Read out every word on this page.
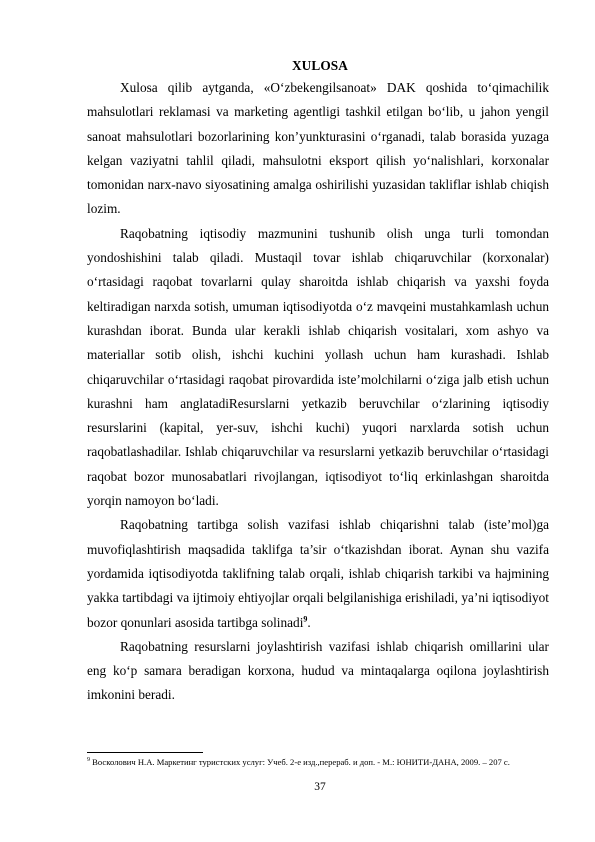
XULOSA

Xulosa qilib aytganda, «O‘zbekengilsanoat» DAK qoshida to‘qimachilik mahsulotlari reklamasi va marketing agentligi tashkil etilgan bo‘lib, u jahon yengil sanoat mahsulotlari bozorlarining kon’yunkturasini o‘rganadi, talab borasida yuzaga kelgan vaziyatni tahlil qiladi, mahsulotni eksport qilish yo‘nalishlari, korxonalar tomonidan narx-navo siyosatining amalga oshirilishi yuzasidan takliflar ishlab chiqish lozim.

Raqobatning iqtisodiy mazmunini tushunib olish unga turli tomondan yondoshishini talab qiladi. Mustaqil tovar ishlab chiqaruvchilar (korxonalar) o‘rtasidagi raqobat tovarlarni qulay sharoitda ishlab chiqarish va yaxshi foyda keltiradigan narxda sotish, umuman iqtisodiyotda o‘z mavqeini mustahkamlash uchun kurashdan iborat. Bunda ular kerakli ishlab chiqarish vositalari, xom ashyo va materiallar sotib olish, ishchi kuchini yollash uchun ham kurashadi. Ishlab chiqaruvchilar o‘rtasidagi raqobat pirovardida iste’molchilarni o‘ziga jalb etish uchun kurashni ham anglatadiResurslarni yetkazib beruvchilar o‘zlarining iqtisodiy resurslarini (kapital, yer-suv, ishchi kuchi) yuqori narxlarda sotish uchun raqobatlashadilar. Ishlab chiqaruvchilar va resurslarni yetkazib beruvchilar o‘rtasidagi raqobat bozor munosabatlari rivojlangan, iqtisodiyot to‘liq erkinlashgan sharoitda yorqin namoyon bo‘ladi.

Raqobatning tartibga solish vazifasi ishlab chiqarishni talab (iste’mol)ga muvofiqlashtirish maqsadida taklifga ta’sir o‘tkazishdan iborat. Aynan shu vazifa yordamida iqtisodiyotda taklifning talab orqali, ishlab chiqarish tarkibi va hajmining yakka tartibdagi va ijtimoiy ehtiyojlar orqali belgilanishiga erishiladi, ya’ni iqtisodiyot bozor qonunlari asosida tartibga solinadi$^9$.

Raqobatning resurslarni joylashtirish vazifasi ishlab chiqarish omillarini ular eng ko‘p samara beradigan korxona, hudud va mintaqalarga oqilona joylashtirish imkonini beradi.

$^9$ Восколович Н.А. Маркетинг туристских услуг: Учеб. 2-е изд.,перераб. и доп. - М.: ЮНИТИ-ДАНА, 2009. – 207 с.
37
